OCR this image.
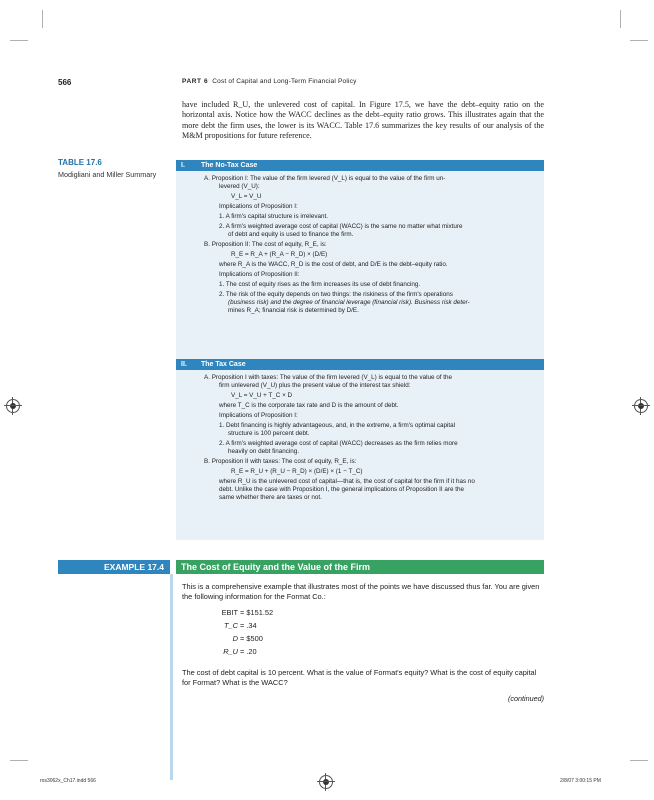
566	PART 6 Cost of Capital and Long-Term Financial Policy
have included R_U, the unlevered cost of capital. In Figure 17.5, we have the debt–equity ratio on the horizontal axis. Notice how the WACC declines as the debt–equity ratio grows. This illustrates again that the more debt the firm uses, the lower is its WACC. Table 17.6 summarizes the key results of our analysis of the M&M propositions for future reference.
TABLE 17.6
Modigliani and Miller Summary
I. The No-Tax Case
A. Proposition I: The value of the firm levered (V_L) is equal to the value of the firm un-
levered (V_U):
V_L = V_U
Implications of Proposition I:
1. A firm's capital structure is irrelevant.
2. A firm's weighted average cost of capital (WACC) is the same no matter what mixture
of debt and equity is used to finance the firm.
B. Proposition II: The cost of equity, R_E, is:
R_E = R_A + (R_A − R_D) × (D/E)
where R_A is the WACC, R_D is the cost of debt, and D/E is the debt–equity ratio.
Implications of Proposition II:
1. The cost of equity rises as the firm increases its use of debt financing.
2. The risk of the equity depends on two things: the riskiness of the firm's operations
(business risk) and the degree of financial leverage (financial risk). Business risk deter-
mines R_A; financial risk is determined by D/E.
II. The Tax Case
A. Proposition I with taxes: The value of the firm levered (V_L) is equal to the value of the
firm unlevered (V_U) plus the present value of the interest tax shield:
V_L = V_U + T_C × D
where T_C is the corporate tax rate and D is the amount of debt.
Implications of Proposition I:
1. Debt financing is highly advantageous, and, in the extreme, a firm's optimal capital
structure is 100 percent debt.
2. A firm's weighted average cost of capital (WACC) decreases as the firm relies more
heavily on debt financing.
B. Proposition II with taxes: The cost of equity, R_E, is:
R_E = R_U + (R_U − R_D) × (D/E) × (1 − T_C)
where R_U is the unlevered cost of capital—that is, the cost of capital for the firm if it has no
debt. Unlike the case with Proposition I, the general implications of Proposition II are the
same whether there are taxes or not.
EXAMPLE 17.4	The Cost of Equity and the Value of the Firm
This is a comprehensive example that illustrates most of the points we have discussed thus far. You are given the following information for the Format Co.:
EBIT = $151.52
T_C = .34
D = $500
R_U = .20
The cost of debt capital is 10 percent. What is the value of Format's equity? What is the cost of equity capital for Format? What is the WACC?
(continued)
ros3062x_Ch17.indd 566	2/8/07 3:00:15 PM
